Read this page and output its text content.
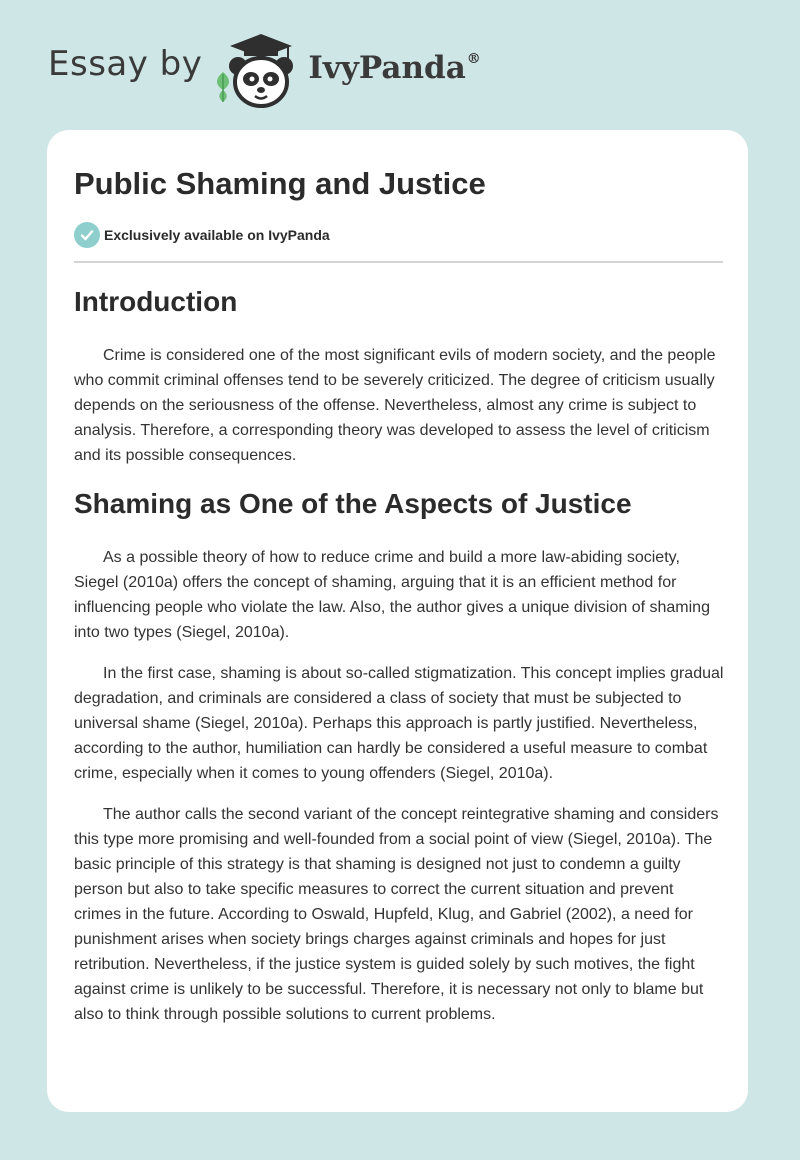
Essay by	IvyPanda®
Public Shaming and Justice
Exclusively available on IvyPanda
Introduction

Crime is considered one of the most significant evils of modern society, and the people who commit criminal offenses tend to be severely criticized. The degree of criticism usually depends on the seriousness of the offense. Nevertheless, almost any crime is subject to analysis. Therefore, a corresponding theory was developed to assess the level of criticism and its possible consequences.

Shaming as One of the Aspects of Justice

As a possible theory of how to reduce crime and build a more law-abiding society, Siegel (2010a) offers the concept of shaming, arguing that it is an efficient method for influencing people who violate the law. Also, the author gives a unique division of shaming into two types (Siegel, 2010a).

In the first case, shaming is about so-called stigmatization. This concept implies gradual degradation, and criminals are considered a class of society that must be subjected to universal shame (Siegel, 2010a). Perhaps this approach is partly justified. Nevertheless, according to the author, humiliation can hardly be considered a useful measure to combat crime, especially when it comes to young offenders (Siegel, 2010a).

The author calls the second variant of the concept reintegrative shaming and considers this type more promising and well-founded from a social point of view (Siegel, 2010a). The basic principle of this strategy is that shaming is designed not just to condemn a guilty person but also to take specific measures to correct the current situation and prevent crimes in the future. According to Oswald, Hupfeld, Klug, and Gabriel (2002), a need for punishment arises when society brings charges against criminals and hopes for just retribution. Nevertheless, if the justice system is guided solely by such motives, the fight against crime is unlikely to be successful. Therefore, it is necessary not only to blame but also to think through possible solutions to current problems.
